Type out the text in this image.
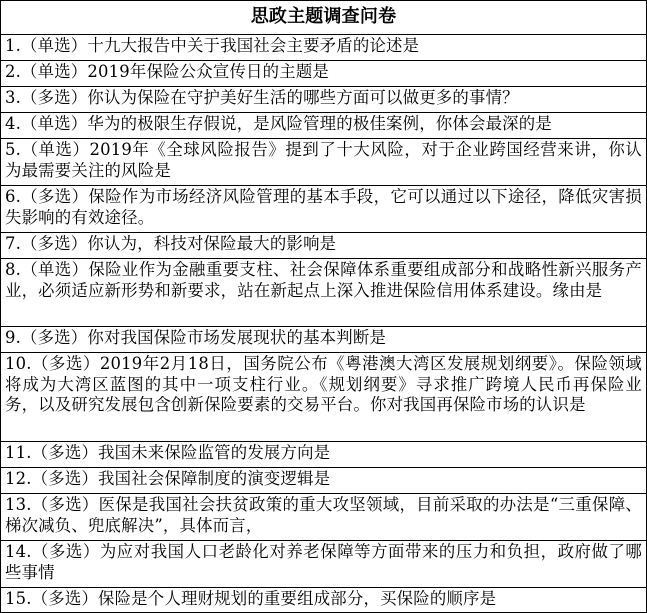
思政主题调查问卷
1.（单选）十九大报告中关于我国社会主要矛盾的论述是
2.（单选）2019年保险公众宣传日的主题是
3.（多选）你认为保险在守护美好生活的哪些方面可以做更多的事情？
4.（单选）华为的极限生存假说，是风险管理的极佳案例，你体会最深的是
5.（单选）2019年《全球风险报告》提到了十大风险，对于企业跨国经营来讲，你认为最需要关注的风险是
6.（多选）保险作为市场经济风险管理的基本手段，它可以通过以下途径，降低灾害损失影响的有效途径。
7.（多选）你认为，科技对保险最大的影响是
8.（单选）保险业作为金融重要支柱、社会保障体系重要组成部分和战略性新兴服务产业，必须适应新形势和新要求，站在新起点上深入推进保险信用体系建设。缘由是
9.（多选）你对我国保险市场发展现状的基本判断是
10.（多选）2019年2月18日，国务院公布《粤港澳大湾区发展规划纲要》。保险领域将成为大湾区蓝图的其中一项支柱行业。《规划纲要》寻求推广跨境人民币再保险业务，以及研究发展包含创新保险要素的交易平台。你对我国再保险市场的认识是
11.（多选）我国未来保险监管的发展方向是
12.（多选）我国社会保障制度的演变逻辑是
13.（多选）医保是我国社会扶贫政策的重大攻坚领域，目前采取的办法是“三重保障、梯次减负、兜底解决”，具体而言，
14.（多选）为应对我国人口老龄化对养老保障等方面带来的压力和负担，政府做了哪些事情
15.（多选）保险是个人理财规划的重要组成部分，买保险的顺序是
